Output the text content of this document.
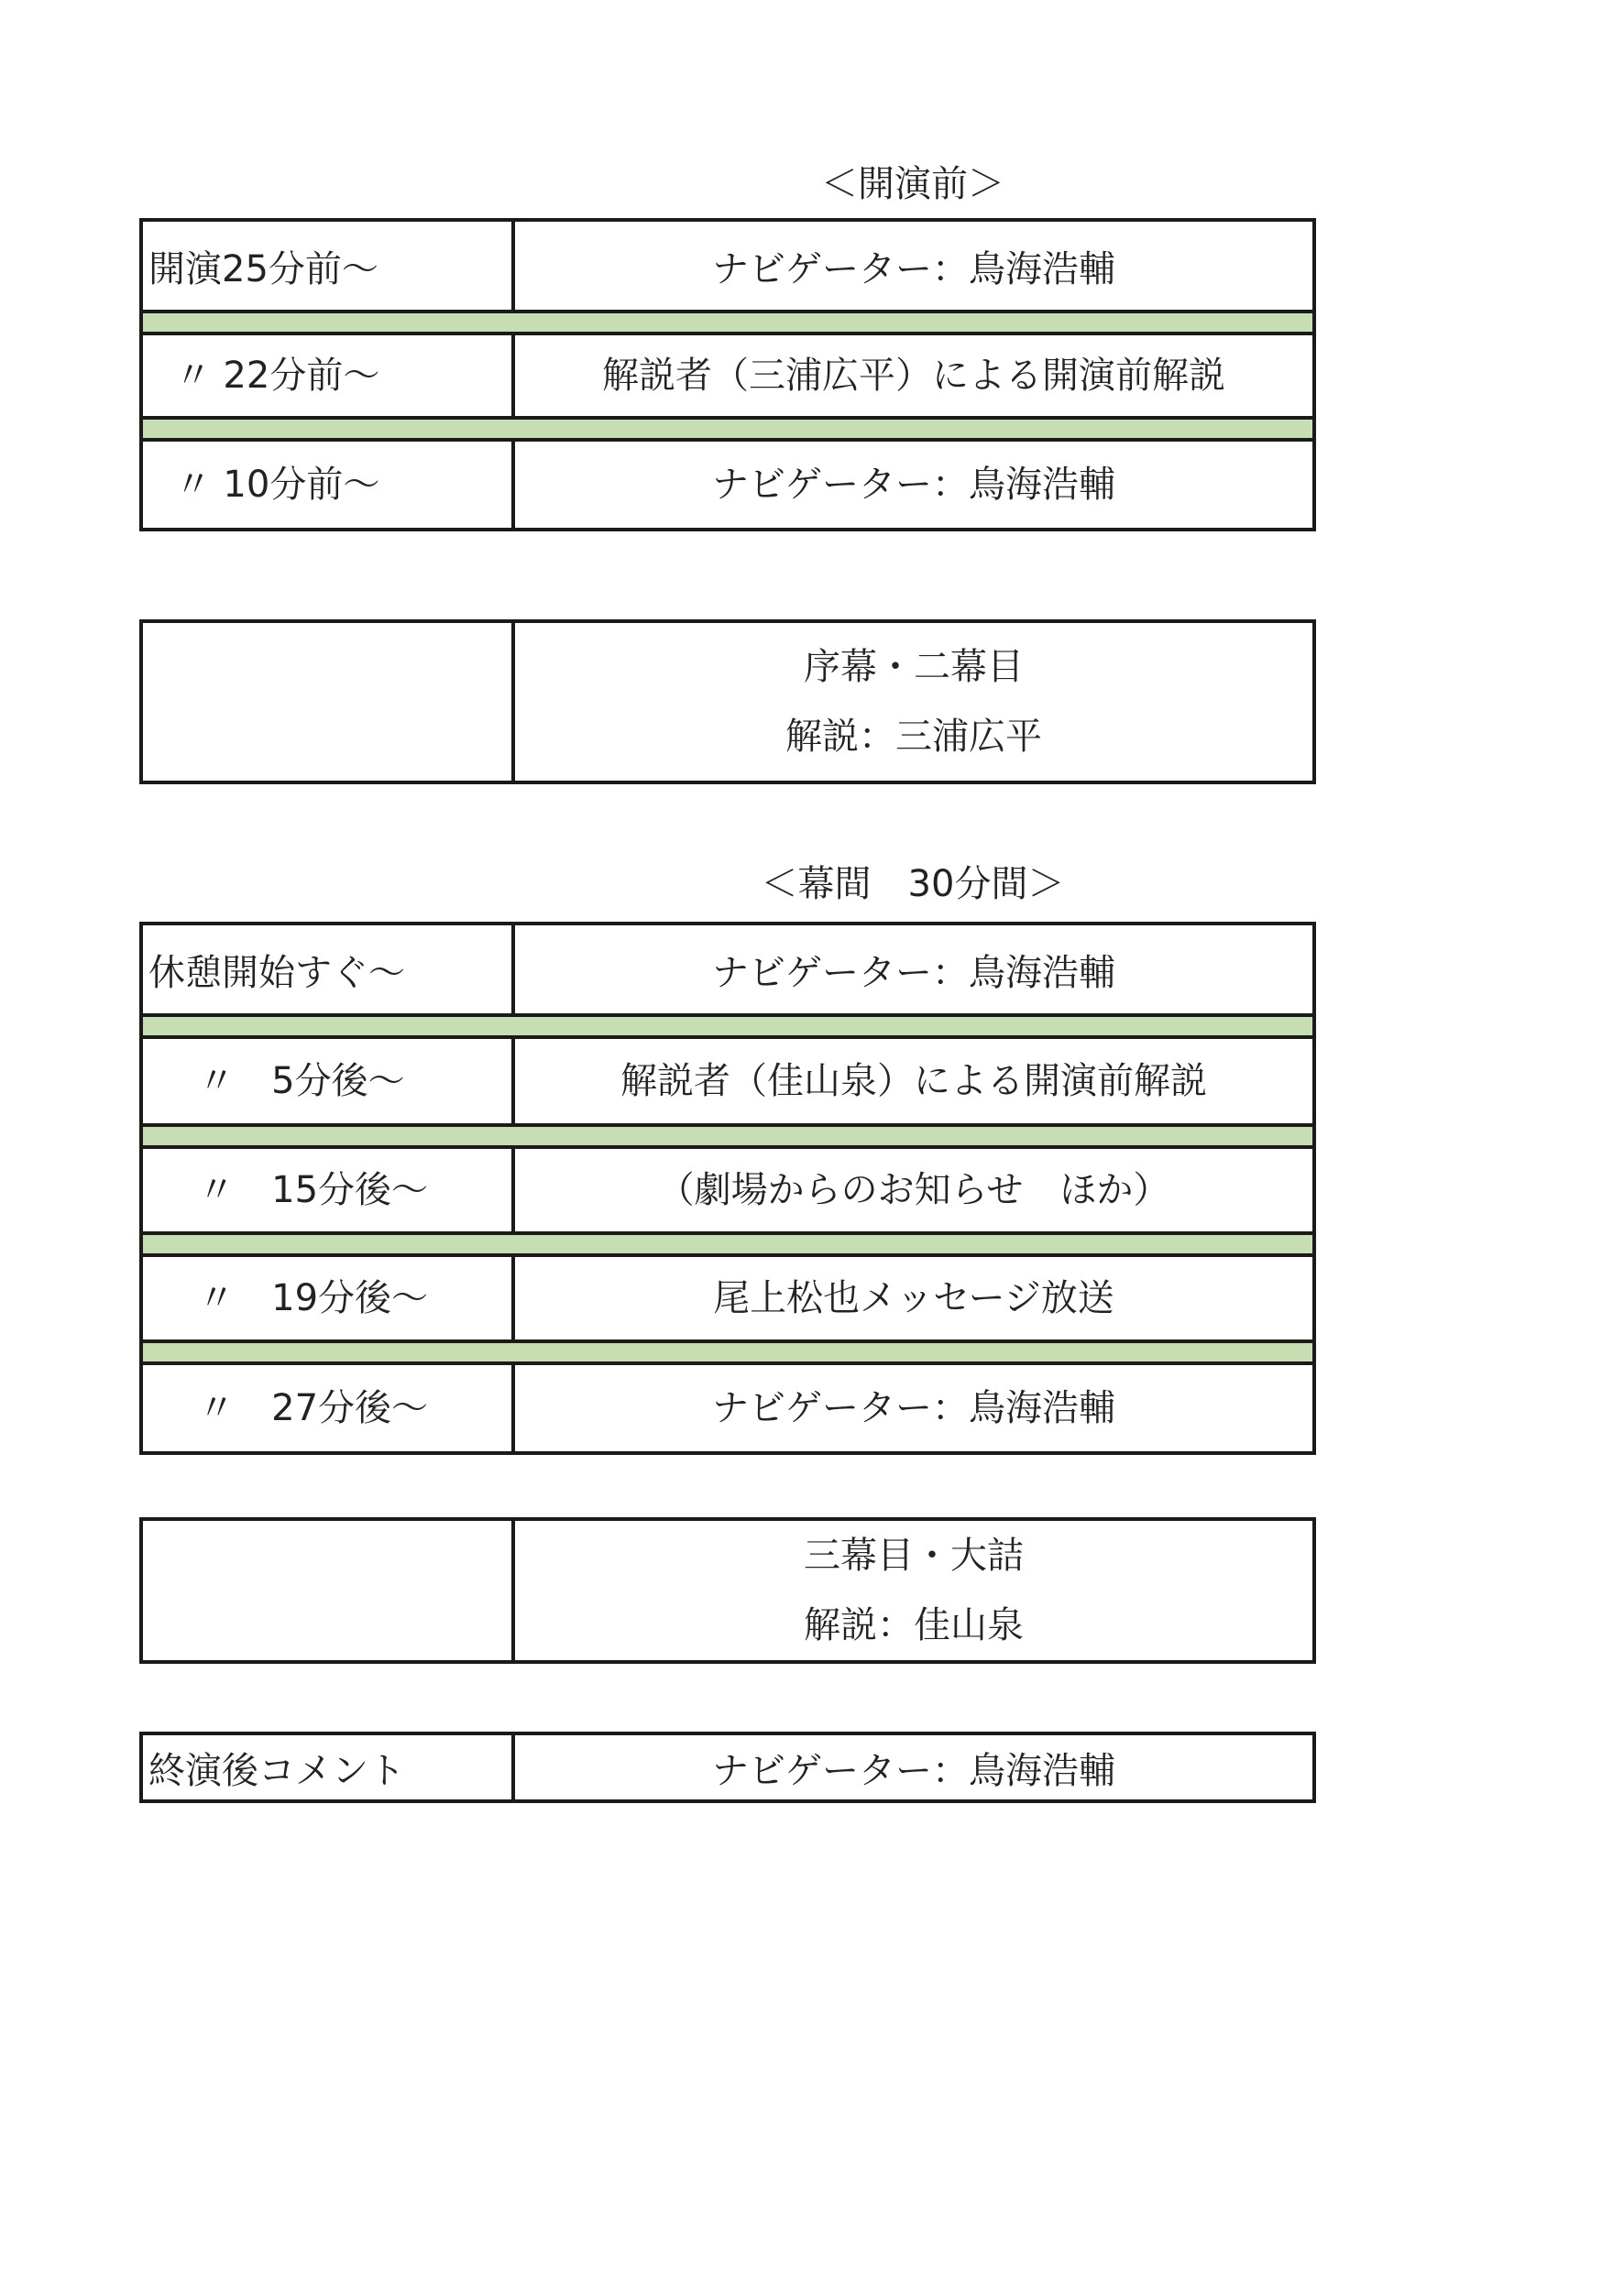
＜開演前＞
開演25分前〜	ナビゲーター：鳥海浩輔
〃 22分前〜	解説者（三浦広平）による開演前解説
〃 10分前〜	ナビゲーター：鳥海浩輔
序幕・二幕目
解説：三浦広平
＜幕間　30分間＞
休憩開始すぐ〜	ナビゲーター：鳥海浩輔
〃　5分後〜	解説者（佳山泉）による開演前解説
〃　15分後〜	（劇場からのお知らせ　ほか）
〃　19分後〜	尾上松也メッセージ放送
〃　27分後〜	ナビゲーター：鳥海浩輔
三幕目・大詰
解説：佳山泉
終演後コメント	ナビゲーター：鳥海浩輔
